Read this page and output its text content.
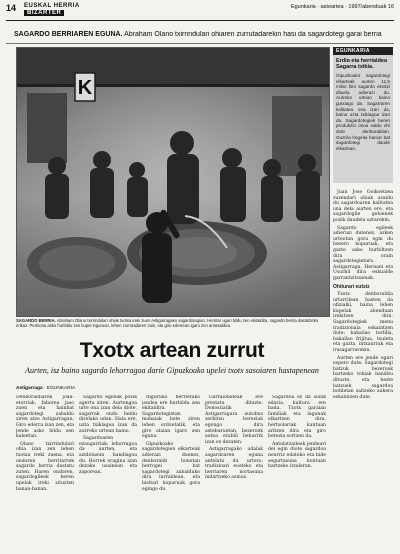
14 EUSKAL HERRIA
BIZARTER
Egunkaria · asteartea · 1997/abenduak 16
SAGARDO BERRIAREN EGUNA. Abraham Olano txirrindulari ohiaren zurrutadarekin hasi da sagardotegi garai berria
K
SAGARDO BERRIA. Abraham Olano txirrindulari ohiak txotxa ireki zuen Astigarragako sagardotegian. Herritar ugari bildu zen ekitaldira, sagardo berria dastatzeko irrikaz. Pertsona asko hurbildu zen kupel inguruan, lehen zurrutadaren zain, eta giro ederrean igaro zen arratsaldea.
EGUNKARIA
Erdia eta herrialdea Sagarra txikia.
Gipuzkoako sagardotegi elkarteak aurten 11,5 milioi litro sagardo ekoitzi dituela adierazi du. Aurreko urtean baino gutxiago da. Sagarraren kalitatea ona izan da, baina uzta txikiagoa izan da. Sagardotegiek beren produkzio osoa saldu ohi dute denboraldian. Guztira hogeita hamar bat sagardotegi daude elkartean.

Juan Jose Goikoetxea zuzendari ohiak azaldu du sagardoaren kalitatea ona dela aurten ere, eta sagardogile gehienek pozik daudela uztarekin.

Sagardo egileek adierazi dutenez, azken urteotan gora egin du bezero kopuruak, eta gazte asko hurbiltzen dira orain sagardotegietara. Astigarraga, Hernani eta Usurbil dira eskualde garrantzitsuenak.

Ohiturari eutsiz

Txotx denboraldia urtarrilean hasten da ofizialki, baina lehen kupelak abenduan irekitzen dira. Sagardotegiek menu tradizionala eskaintzen dute: bakailao tortilla, bakailao frijitua, txuleta eta gazta, intxaurrak eta irasagarrarekin.

Aurten ere jende ugari espero dute. Sagardotegi batzuk bezeroak hartzeko tokiak handitu dituzte, eta beste batzuek sagardoa botiletan saltzeko aukera eskaintzen dute.

Txotx artean zurrut
Aurten, isz baino sagardo lehorragoa darie Gipuzkoako upelei txotx sasoiaren hastapenean
Astigarraga · EGUNKARIA

Denboraldiaren joan-etorriak, faborea jaso zuen eta hainbat sagardotegi zabaldu ziren atzo Astigarragan. Giro ederra izan zen, eta jende asko bildu zen kaleetan.

Olano txirrindulari ohia izan zen lehen txotxa ireki zuena, eta ondoren herritarrek sagardo berria dastatu zuten. Haren ondoren, sagardogileek beren upelak ireki zituzten banan-banan.

Sagardo egileak pozik agertu ziren. Aurtengoa urte ona izan dela diote, sagarrak ondo heldu direlako udan. Hala ere, uzta txikiagoa izan da aurreko urtean baino.

Sagardoaren ezaugarriak: lehorragoa da aurten, eta azidotasun handiagoa du. Horrek eragina izan dezake usainean eta zaporean.

Inguruko herrietako jendea ere hurbildu zen ekitaldira. Sagardotegietan mahaiak bete ziren lehen orduetatik, eta giro alaian igaro zen eguna.

Gipuzkoako sagardotegien elkarteak adierazi duenez, denboraldi honetan berrogei bat sagardotegi zabalduko dira lurraldean, eta bisitari kopuruak gora egingo du.

Garraiobideak ere prestatu dituzte. Donostiatik Astigarragara autobus zerbitzu bereziak egongo dira asteburuetan, bezeroek autoa erabili beharrik izan ez dezaten.

Astigarragako udalak sagardoaren eguna antolatu du urtero, tradizioari eusteko eta herriaren nortasuna indartzeko asmoz.

Sagardoa ez da soilik edaria, kultura ere bada. Txotx garaian familiak eta lagunak elkartzen dira, bertsolariak kantuan aritzen dira eta giro berezia sortzen da.

Antolatzaileek jendeari dei egin diote sagardoa neurriz edateko eta bide segurtasuna kontuan hartzeko itzuleran.
